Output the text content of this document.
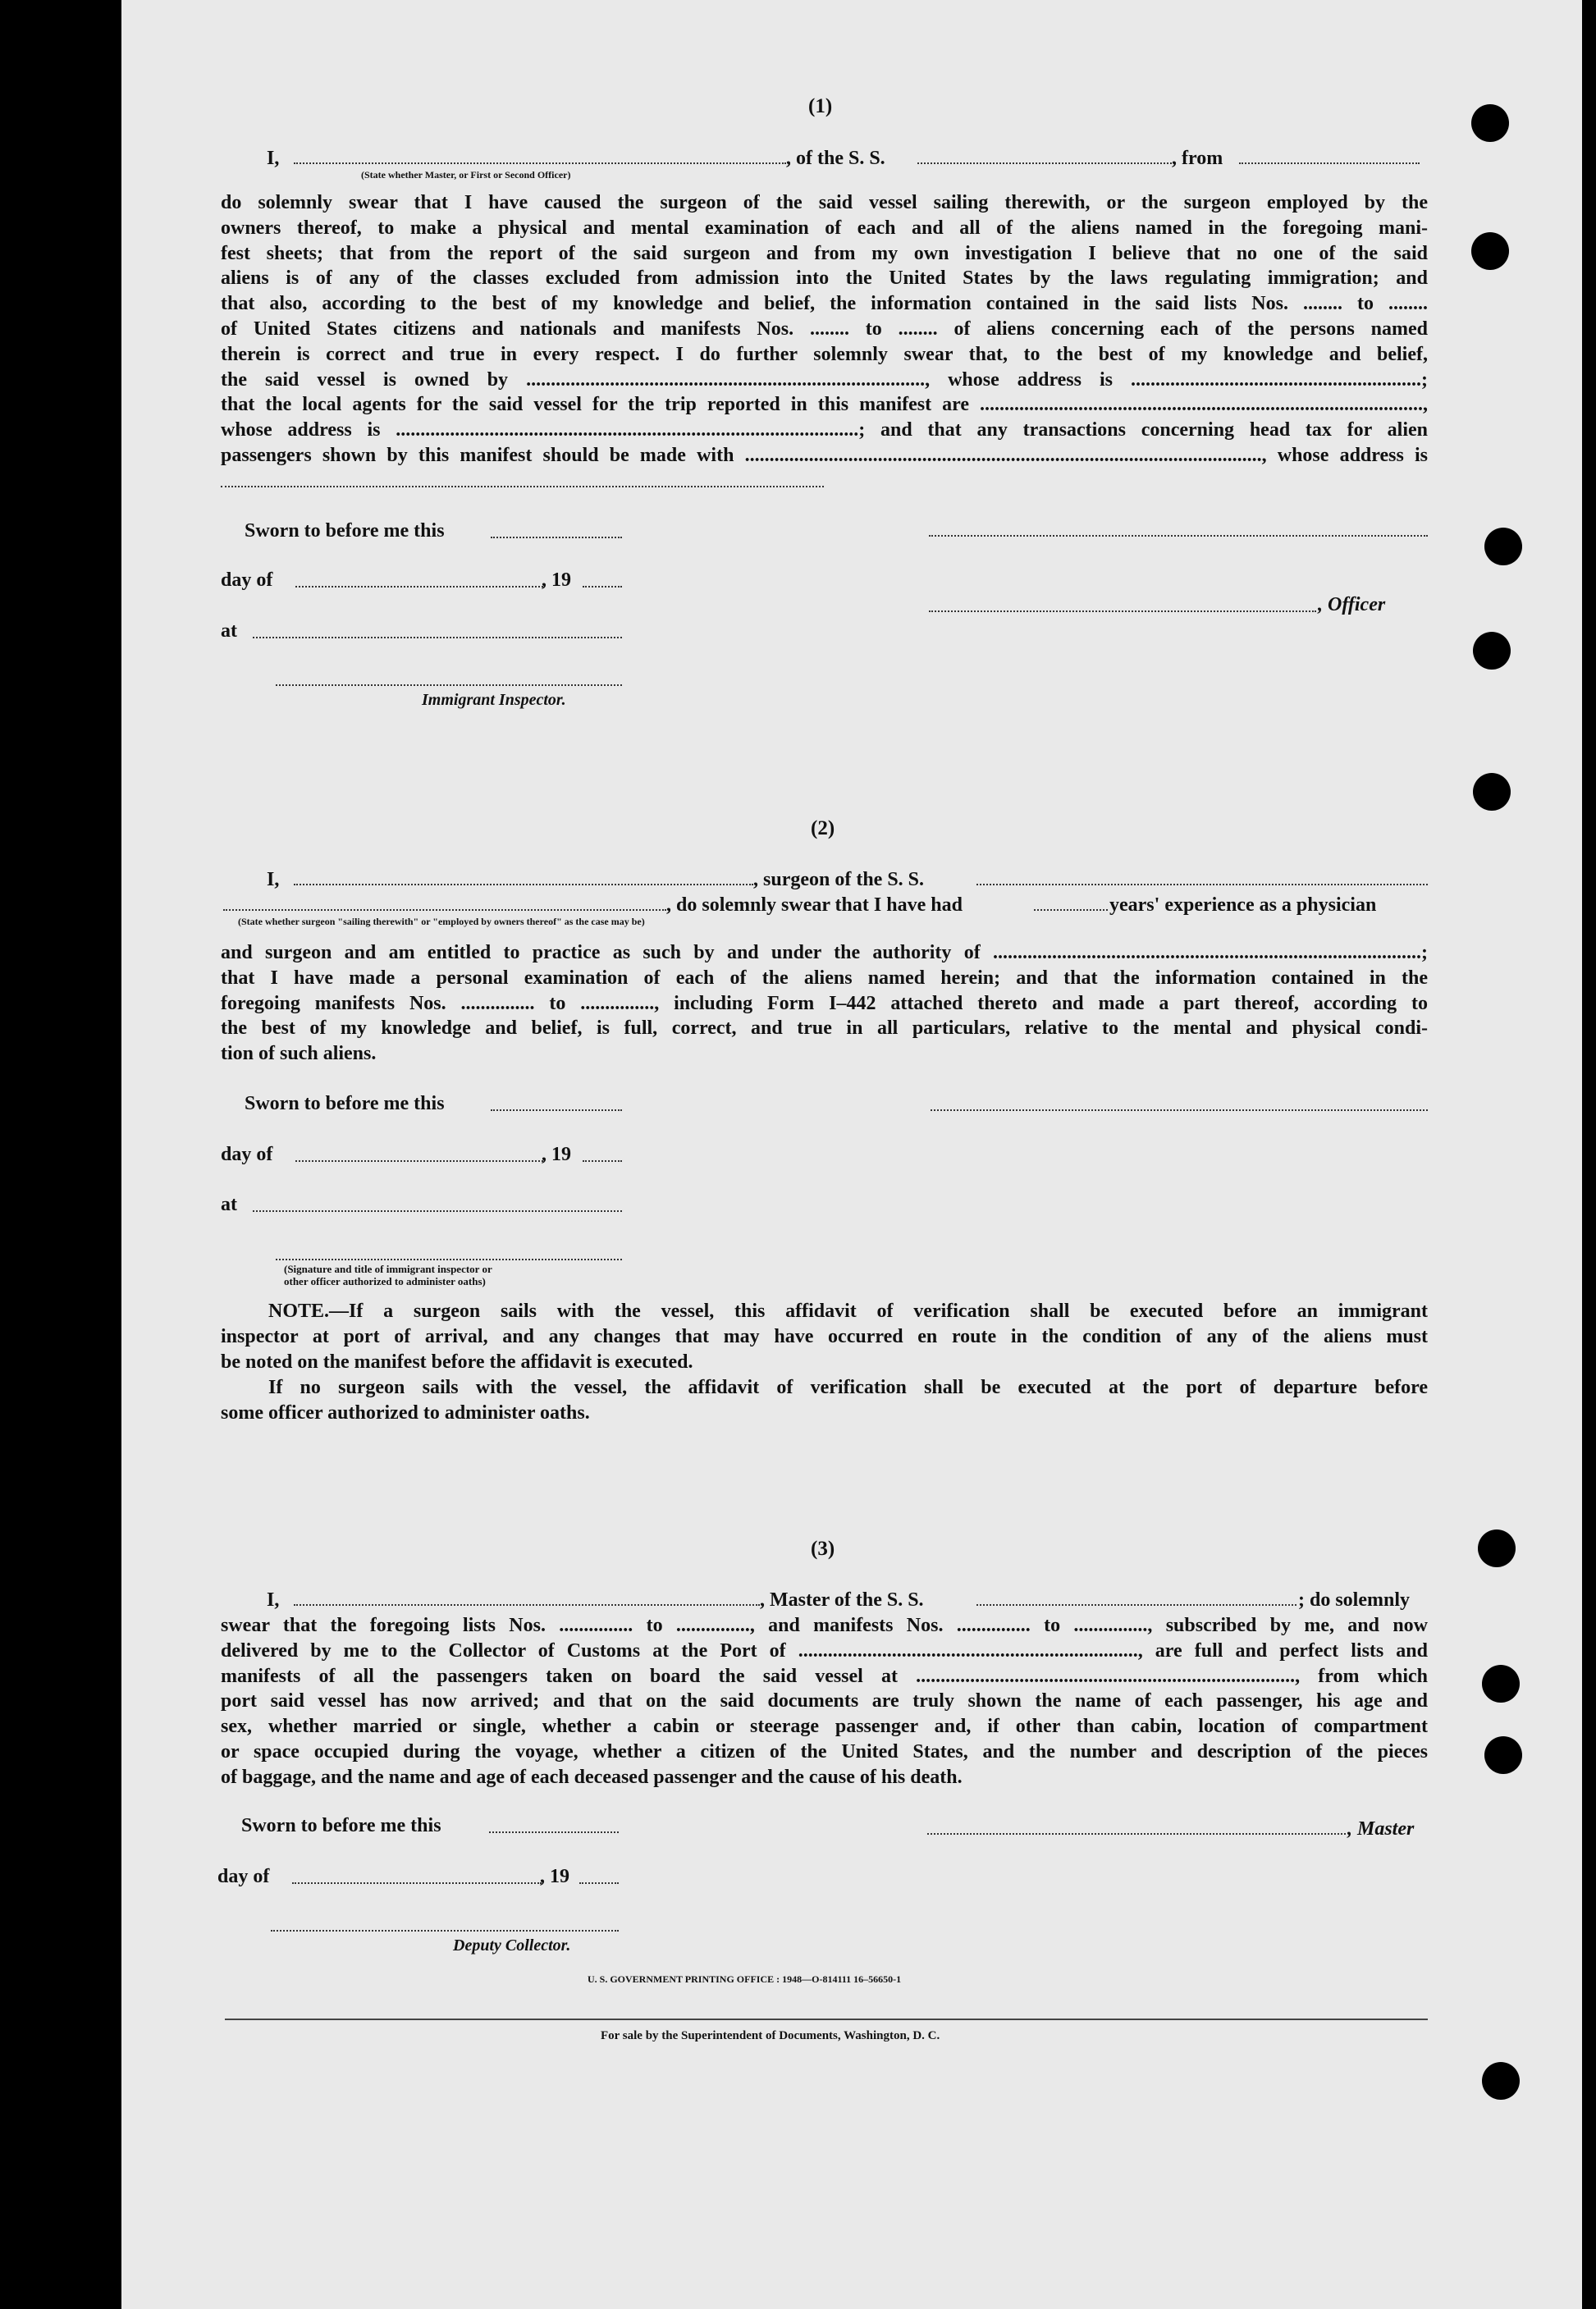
(1)
I,	, of the S. S.	, from
(State whether Master, or First or Second Officer)
do solemnly swear that I have caused the surgeon of the said vessel sailing therewith, or the surgeon employed by the
owners thereof, to make a physical and mental examination of each and all of the aliens named in the foregoing mani-
fest sheets; that from the report of the said surgeon and from my own investigation I believe that no one of the said
aliens is of any of the classes excluded from admission into the United States by the laws regulating immigration; and
that also, according to the best of my knowledge and belief, the information contained in the said lists Nos. ........ to ........
of United States citizens and nationals and manifests Nos. ........ to ........ of aliens concerning each of the persons named
therein is correct and true in every respect. I do further solemnly swear that, to the best of my knowledge and belief,
the said vessel is owned by ................................................................................., whose address is ...........................................................;
that the local agents for the said vessel for the trip reported in this manifest are ..........................................................................................,
whose address is ..............................................................................................; and that any transactions concerning head tax for alien
passengers shown by this manifest should be made with ........................................................................................................., whose address is
Sworn to before me this
day of	, 19
, Officer
at
Immigrant Inspector.
(2)
I,	, surgeon of the S. S.
, do solemnly swear that I have had	years' experience as a physician
(State whether surgeon "sailing therewith" or "employed by owners thereof" as the case may be)
and surgeon and am entitled to practice as such by and under the authority of .......................................................................................;
that I have made a personal examination of each of the aliens named herein; and that the information contained in the
foregoing manifests Nos. ............... to ..............., including Form I–442 attached thereto and made a part thereof, according to
the best of my knowledge and belief, is full, correct, and true in all particulars, relative to the mental and physical condi-
tion of such aliens.
Sworn to before me this
day of	, 19
at
(Signature and title of immigrant inspector or
other officer authorized to administer oaths)
NOTE.—If a surgeon sails with the vessel, this affidavit of verification shall be executed before an immigrant
inspector at port of arrival, and any changes that may have occurred en route in the condition of any of the aliens must
be noted on the manifest before the affidavit is executed.
If no surgeon sails with the vessel, the affidavit of verification shall be executed at the port of departure before
some officer authorized to administer oaths.
(3)
I,	, Master of the S. S.	; do solemnly
swear that the foregoing lists Nos. ............... to ..............., and manifests Nos. ............... to ..............., subscribed by me, and now
delivered by me to the Collector of Customs at the Port of ....................................................................., are full and perfect lists and
manifests of all the passengers taken on board the said vessel at ............................................................................., from which
port said vessel has now arrived; and that on the said documents are truly shown the name of each passenger, his age and
sex, whether married or single, whether a cabin or steerage passenger and, if other than cabin, location of compartment
or space occupied during the voyage, whether a citizen of the United States, and the number and description of the pieces
of baggage, and the name and age of each deceased passenger and the cause of his death.
Sworn to before me this	, Master
day of	, 19
Deputy Collector.
U. S. GOVERNMENT PRINTING OFFICE : 1948—O-814111 16–56650-1
For sale by the Superintendent of Documents, Washington, D. C.
